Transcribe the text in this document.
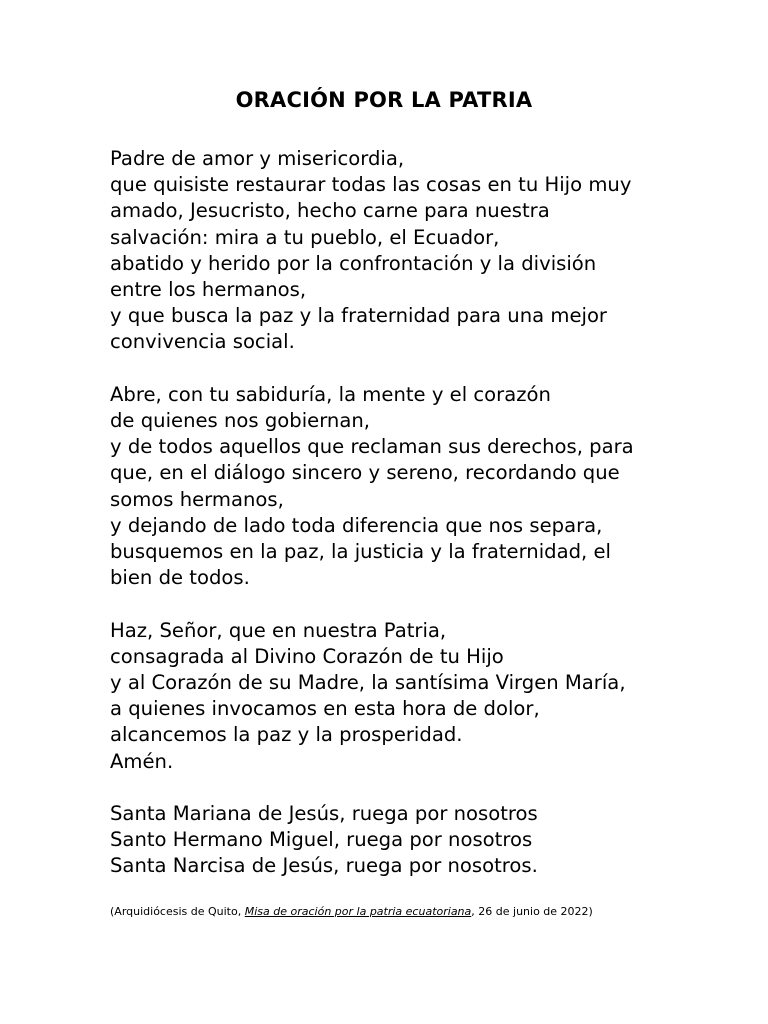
ORACIÓN POR LA PATRIA
Padre de amor y misericordia,
que quisiste restaurar todas las cosas en tu Hijo muy
amado, Jesucristo, hecho carne para nuestra
salvación: mira a tu pueblo, el Ecuador,
abatido y herido por la confrontación y la división
entre los hermanos,
y que busca la paz y la fraternidad para una mejor
convivencia social.
Abre, con tu sabiduría, la mente y el corazón
de quienes nos gobiernan,
y de todos aquellos que reclaman sus derechos, para
que, en el diálogo sincero y sereno, recordando que
somos hermanos,
y dejando de lado toda diferencia que nos separa,
busquemos en la paz, la justicia y la fraternidad, el
bien de todos.
Haz, Señor, que en nuestra Patria,
consagrada al Divino Corazón de tu Hijo
y al Corazón de su Madre, la santísima Virgen María,
a quienes invocamos en esta hora de dolor,
alcancemos la paz y la prosperidad.
Amén.
Santa Mariana de Jesús, ruega por nosotros
Santo Hermano Miguel, ruega por nosotros
Santa Narcisa de Jesús, ruega por nosotros.
(Arquidiócesis de Quito, Misa de oración por la patria ecuatoriana, 26 de junio de 2022)
